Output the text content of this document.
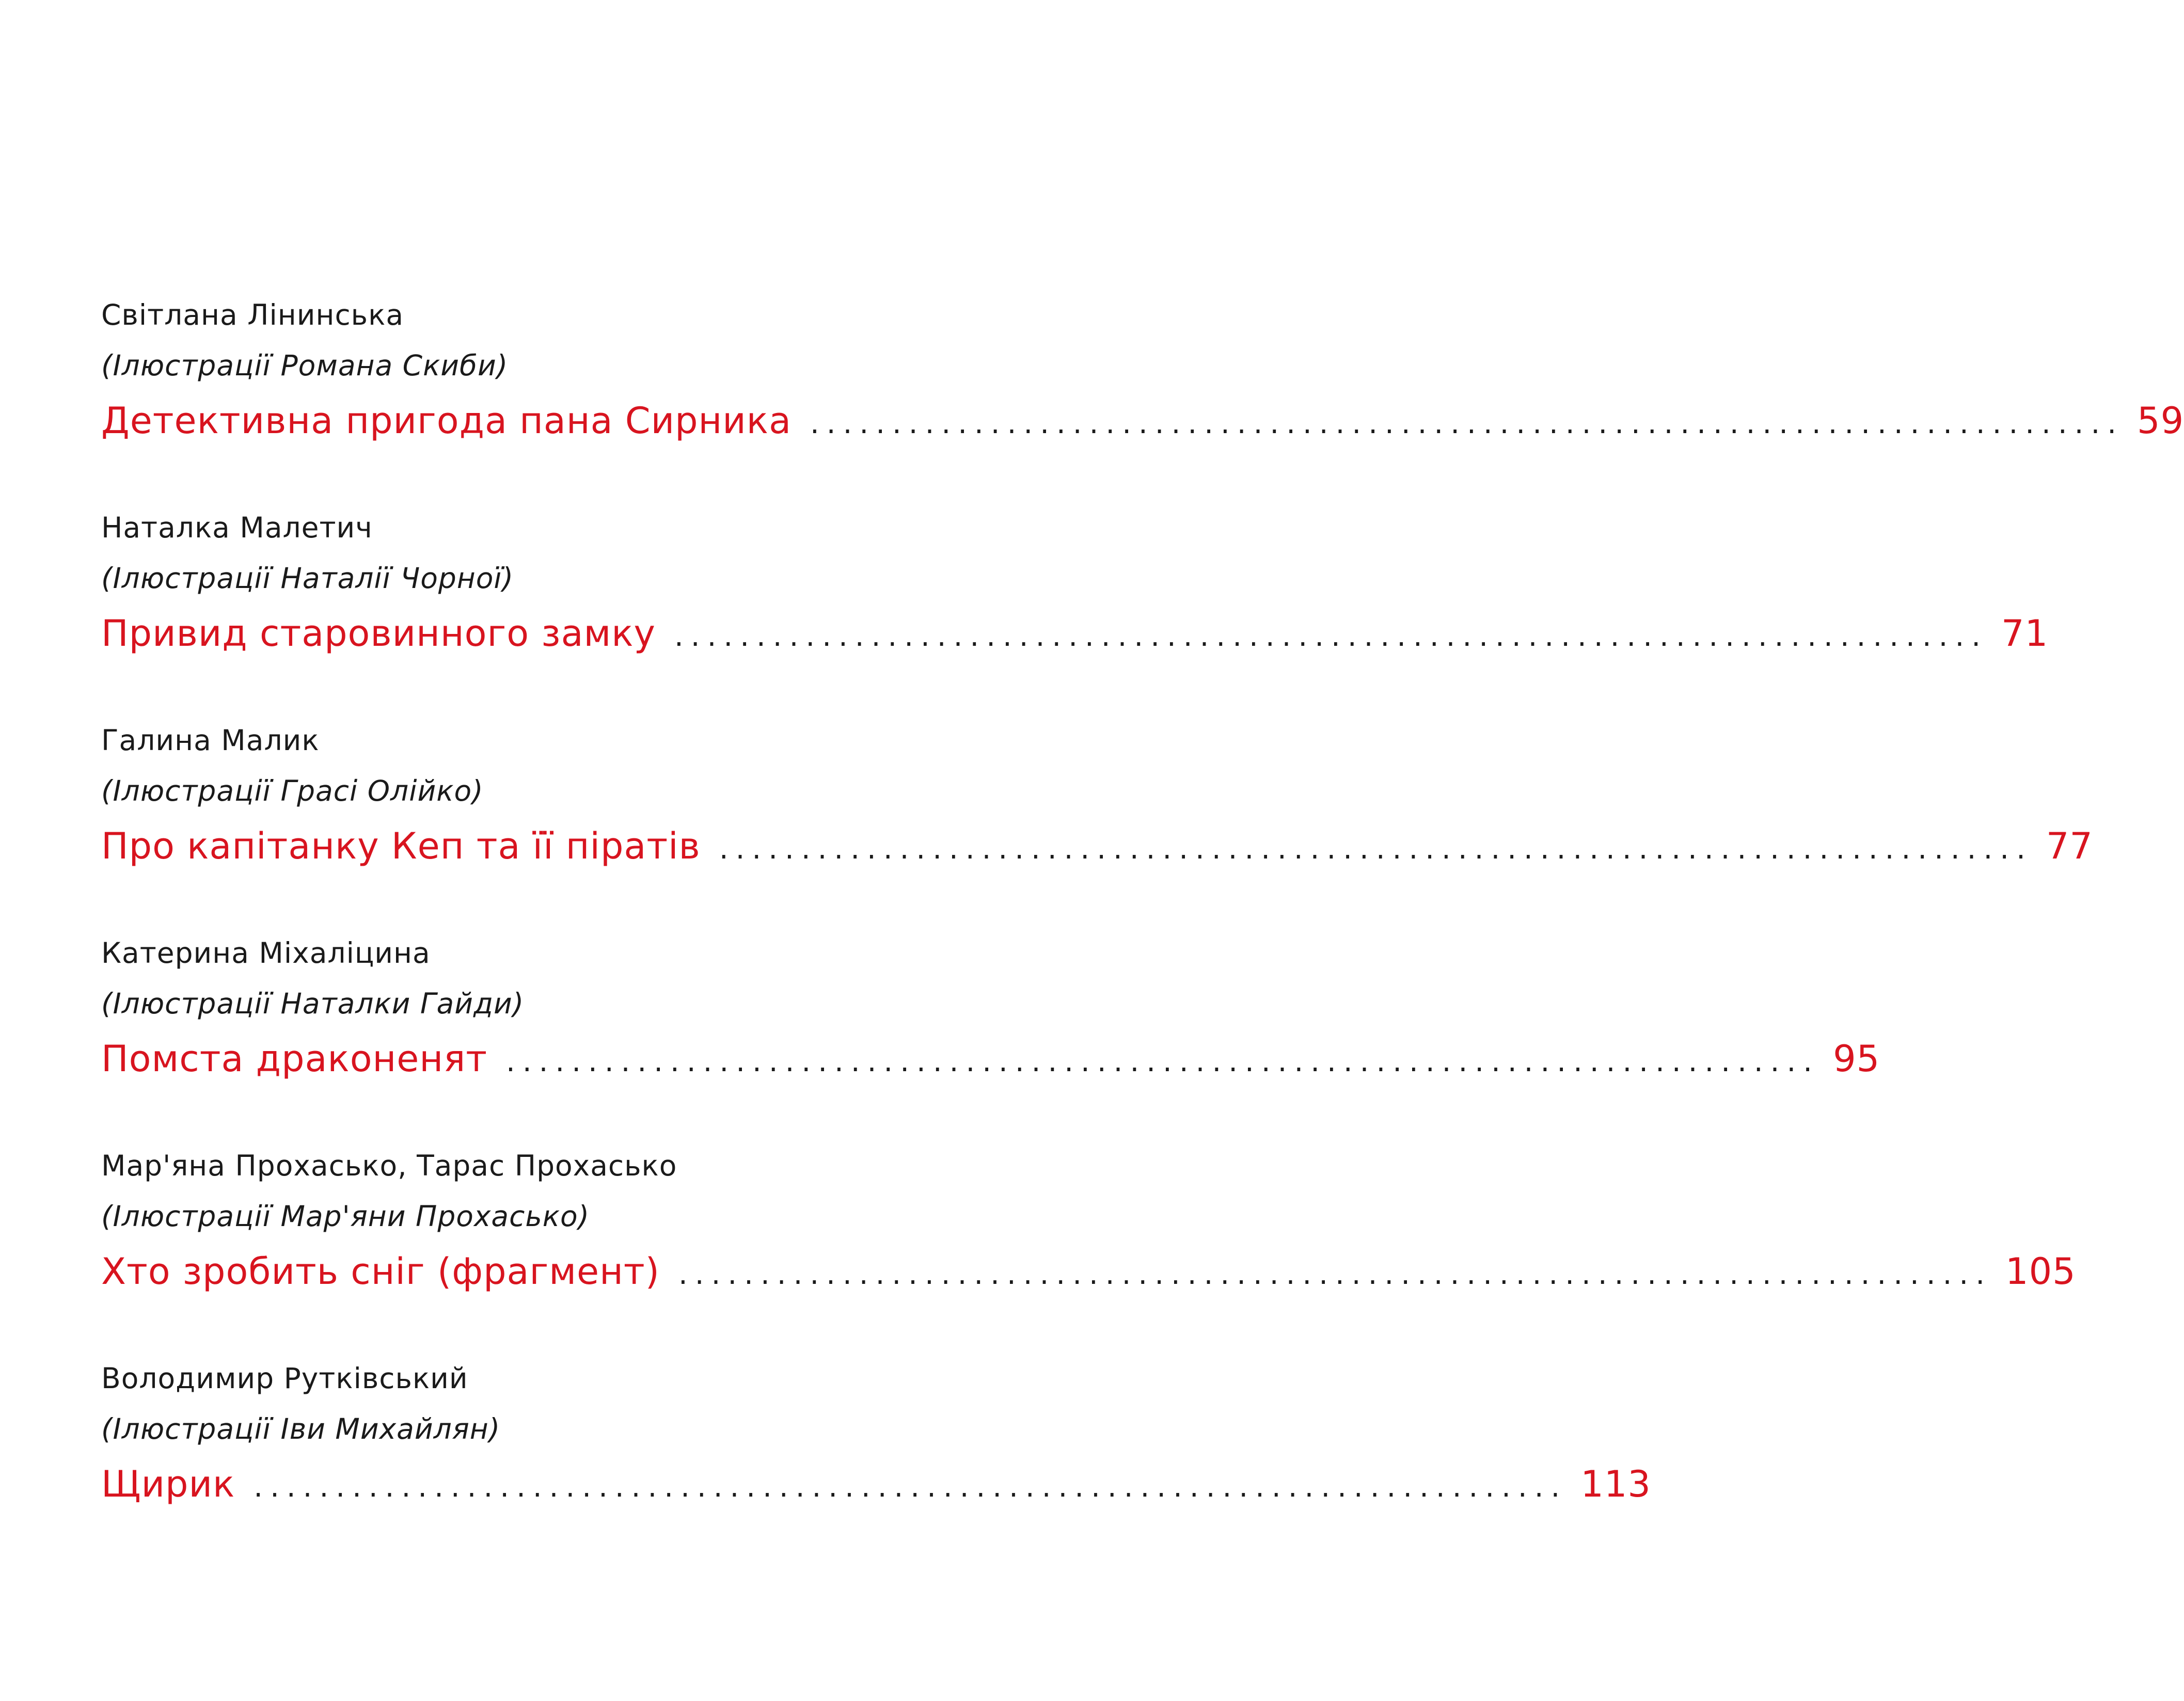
Світлана Лінинська
(Ілюстрації Романа Скиби)
Детективна пригода пана Сирника ................................................................................ 59
Наталка Малетич
(Ілюстрації Наталії Чорної)
Привид старовинного замку ................................................................................ 71
Галина Малик
(Ілюстрації Грасі Олійко)
Про капітанку Кеп та її піратів ................................................................................ 77
Катерина Міхаліцина
(Ілюстрації Наталки Гайди)
Помста драконенят ................................................................................ 95
Мар'яна Прохасько, Тарас Прохасько
(Ілюстрації Мар'яни Прохасько)
Хто зробить сніг (фрагмент) ................................................................................ 105
Володимир Рутківський
(Ілюстрації Іви Михайлян)
Щирик ................................................................................ 113
